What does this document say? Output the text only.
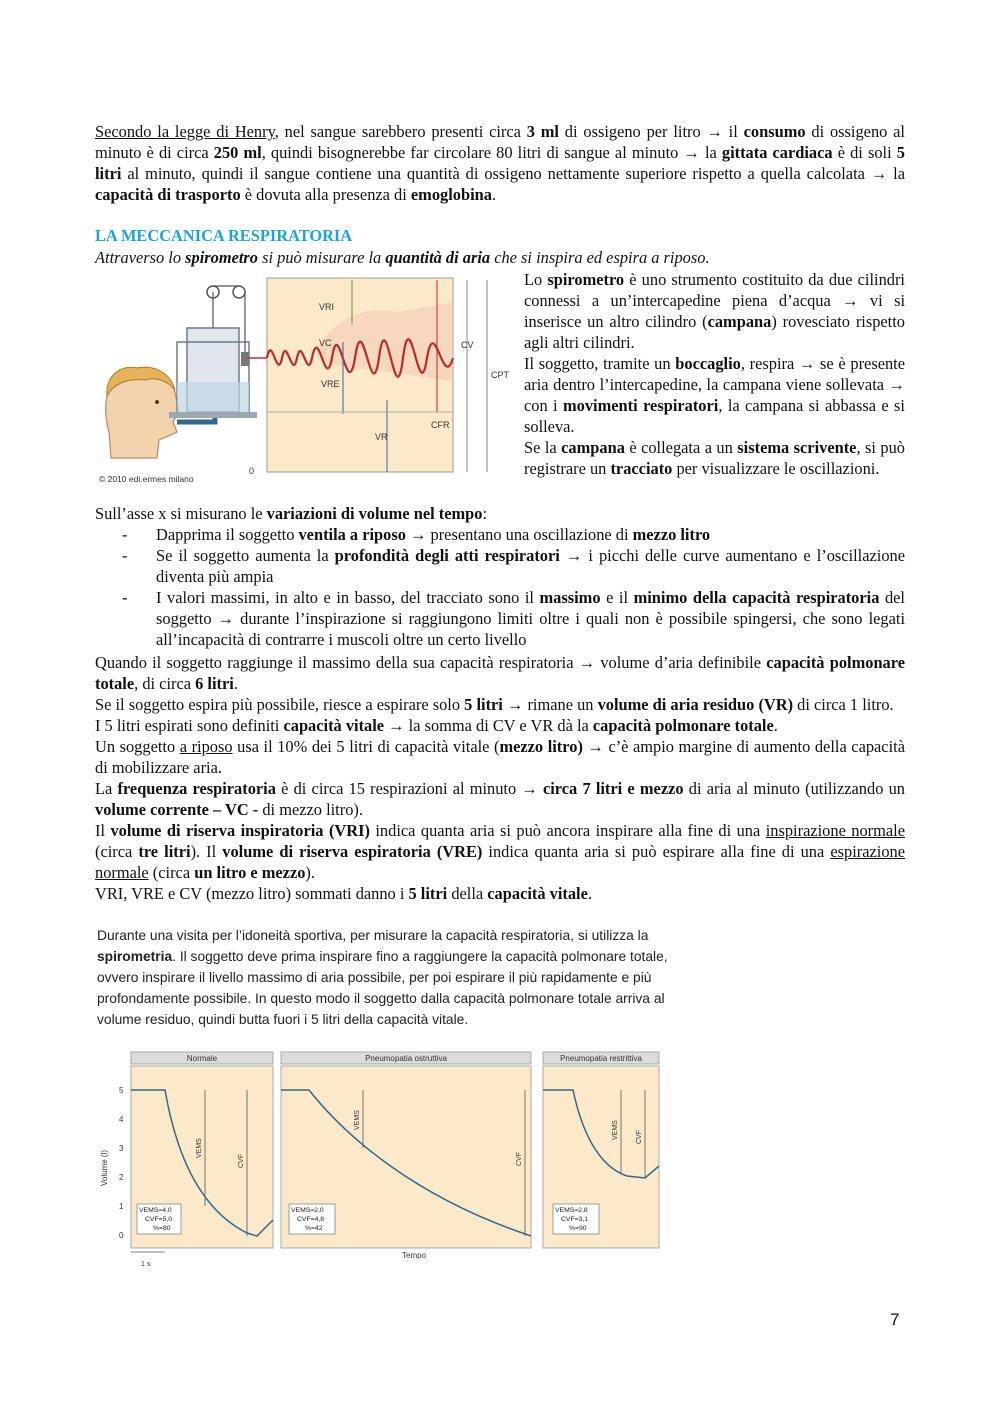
Secondo la legge di Henry, nel sangue sarebbero presenti circa 3 ml di ossigeno per litro → il consumo di ossigeno al minuto è di circa 250 ml, quindi bisognerebbe far circolare 80 litri di sangue al minuto → la gittata cardiaca è di soli 5 litri al minuto, quindi il sangue contiene una quantità di ossigeno nettamente superiore rispetto a quella calcolata → la capacità di trasporto è dovuta alla presenza di emoglobina.
LA MECCANICA RESPIRATORIA
Attraverso lo spirometro si può misurare la quantità di aria che si inspira ed espira a riposo.
VRI
VC
VRE
VR
CV
CPT
CFR
0
© 2010 edi.ermes milano

Lo spirometro è uno strumento costituito da due cilindri connessi a un’intercapedine piena d’acqua → vi si inserisce un altro cilindro (campana) rovesciato rispetto agli altri cilindri.

Il soggetto, tramite un boccaglio, respira → se è presente aria dentro l’intercapedine, la campana viene sollevata → con i movimenti respiratori, la campana si abbassa e si solleva.

Se la campana è collegata a un sistema scrivente, si può registrare un tracciato per visualizzare le oscillazioni.

Sull’asse x si misurano le variazioni di volume nel tempo:
- Dapprima il soggetto ventila a riposo → presentano una oscillazione di mezzo litro
- Se il soggetto aumenta la profondità degli atti respiratori → i picchi delle curve aumentano e l’oscillazione diventa più ampia
- I valori massimi, in alto e in basso, del tracciato sono il massimo e il minimo della capacità respiratoria del soggetto → durante l’inspirazione si raggiungono limiti oltre i quali non è possibile spingersi, che sono legati all’incapacità di contrarre i muscoli oltre un certo livello

Quando il soggetto raggiunge il massimo della sua capacità respiratoria → volume d’aria definibile capacità polmonare totale, di circa 6 litri.

Se il soggetto espira più possibile, riesce a espirare solo 5 litri → rimane un volume di aria residuo (VR) di circa 1 litro.

I 5 litri espirati sono definiti capacità vitale → la somma di CV e VR dà la capacità polmonare totale.

Un soggetto a riposo usa il 10% dei 5 litri di capacità vitale (mezzo litro) → c’è ampio margine di aumento della capacità di mobilizzare aria.

La frequenza respiratoria è di circa 15 respirazioni al minuto → circa 7 litri e mezzo di aria al minuto (utilizzando un volume corrente – VC - di mezzo litro).

Il volume di riserva inspiratoria (VRI) indica quanta aria si può ancora inspirare alla fine di una inspirazione normale (circa tre litri). Il volume di riserva espiratoria (VRE) indica quanta aria si può espirare alla fine di una espirazione normale (circa un litro e mezzo).

VRI, VRE e CV (mezzo litro) sommati danno i 5 litri della capacità vitale.

Durante una visita per l’idoneità sportiva, per misurare la capacità respiratoria, si utilizza la spirometria. Il soggetto deve prima inspirare fino a raggiungere la capacità polmonare totale, ovvero inspirare il livello massimo di aria possibile, per poi espirare il più rapidamente e più profondamente possibile. In questo modo il soggetto dalla capacità polmonare totale arriva al volume residuo, quindi butta fuori i 5 litri della capacità vitale.
Volume (l)
5
4
3
2
1
0
Normale
VEMS
CVF
VEMS=4,0
CVF=5,0
%=80
Pneumopatia ostruttiva
VEMS
CVF
VEMS=2,0
CVF=4,8
%=42
Pneumopatia restrittiva
VEMS CVF
VEMS=2,8
CVF=3,1
%=90
Tempo
1 s
7
